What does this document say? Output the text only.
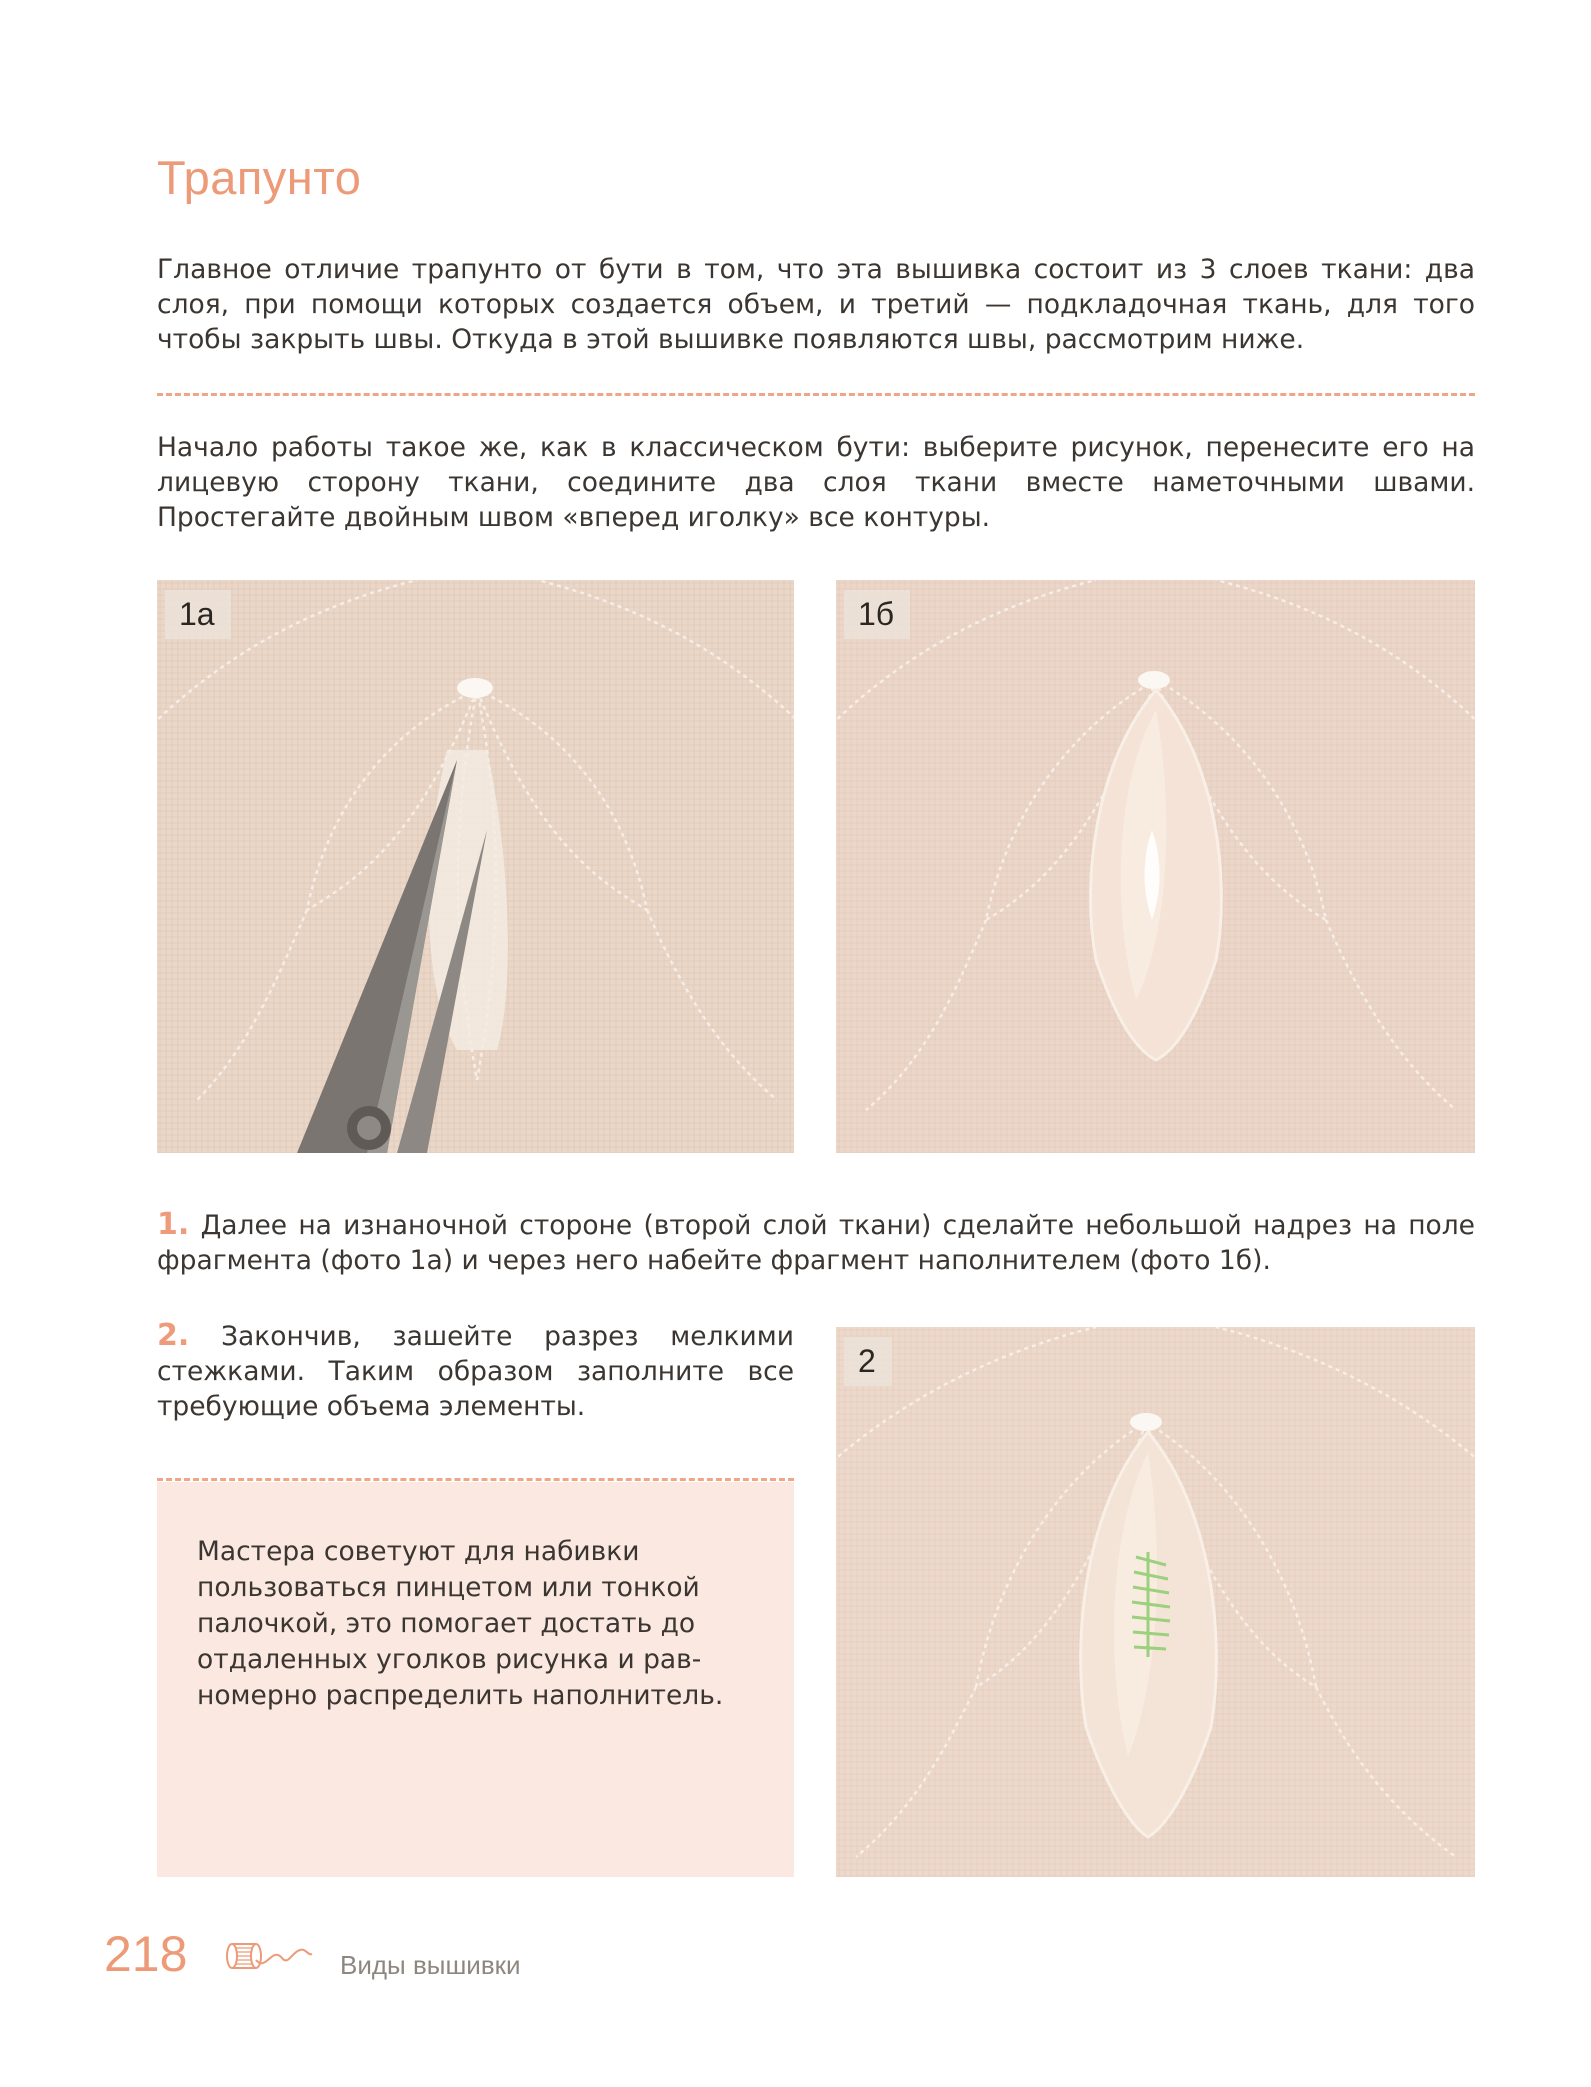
Трапунто

Главное отличие трапунто от бути в том, что эта вышивка состоит из 3 слоев ткани: два слоя, при помощи которых создается объем, и третий — подкладочная ткань, для того чтобы закрыть швы. Откуда в этой вышивке появляются швы, рассмотрим ниже.

Начало работы такое же, как в классическом бути: выберите рисунок, перенесите его на лицевую сторону ткани, соедините два слоя ткани вместе наметочными швами. Простегайте двойным швом «вперед иголку» все контуры.

1а	1б

1. Далее на изнаночной стороне (второй слой ткани) сделайте небольшой надрез на поле фрагмента (фото 1а) и через него набейте фрагмент наполнителем (фото 1б).

2. Закончив, зашейте разрез мелкими стежками. Таким образом заполните все требующие объема элементы.

Мастера советуют для набивки пользоваться пинцетом или тонкой палочкой, это помогает достать до отдаленных уголков рисунка и равномерно распределить наполнитель.

2
218	Виды вышивки
